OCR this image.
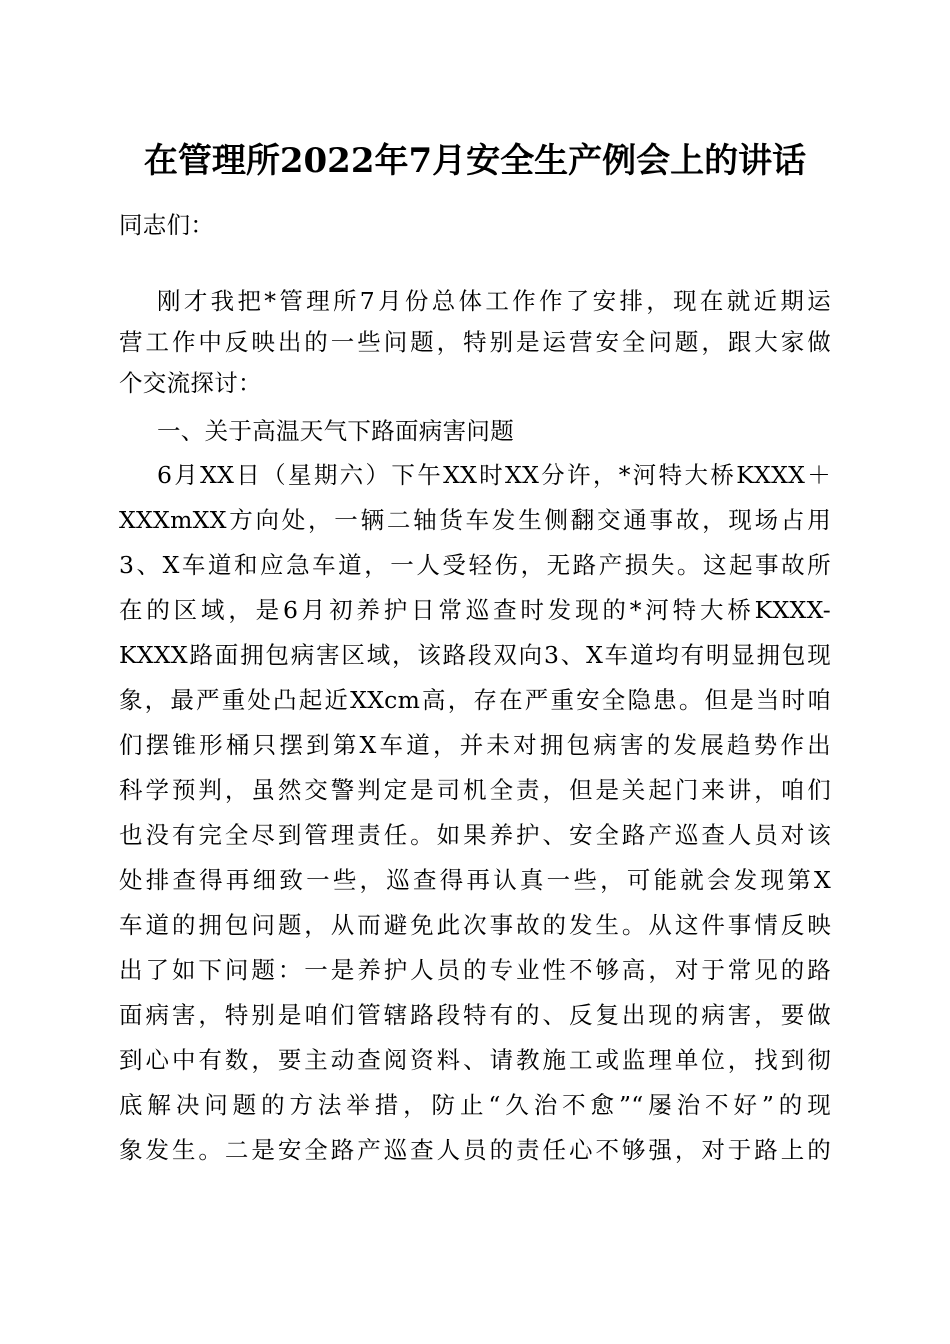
在管理所2022年7月安全生产例会上的讲话
同志们：
刚才我把*管理所7月份总体工作作了安排，现在就近期运
营工作中反映出的一些问题，特别是运营安全问题，跟大家做
个交流探讨：
一、关于高温天气下路面病害问题
6月XX日（星期六）下午XX时XX分许，*河特大桥KXXX＋
XXXmXX方向处，一辆二轴货车发生侧翻交通事故，现场占用
3、X车道和应急车道，一人受轻伤，无路产损失。这起事故所
在的区域，是6月初养护日常巡查时发现的*河特大桥KXXX-
KXXX路面拥包病害区域，该路段双向3、X车道均有明显拥包现
象，最严重处凸起近XXcm高，存在严重安全隐患。但是当时咱
们摆锥形桶只摆到第X车道，并未对拥包病害的发展趋势作出
科学预判，虽然交警判定是司机全责，但是关起门来讲，咱们
也没有完全尽到管理责任。如果养护、安全路产巡查人员对该
处排查得再细致一些，巡查得再认真一些，可能就会发现第X
车道的拥包问题，从而避免此次事故的发生。从这件事情反映
出了如下问题：一是养护人员的专业性不够高，对于常见的路
面病害，特别是咱们管辖路段特有的、反复出现的病害，要做
到心中有数，要主动查阅资料、请教施工或监理单位，找到彻
底解决问题的方法举措，防止“久治不愈”“屡治不好”的现
象发生。二是安全路产巡查人员的责任心不够强，对于路上的
